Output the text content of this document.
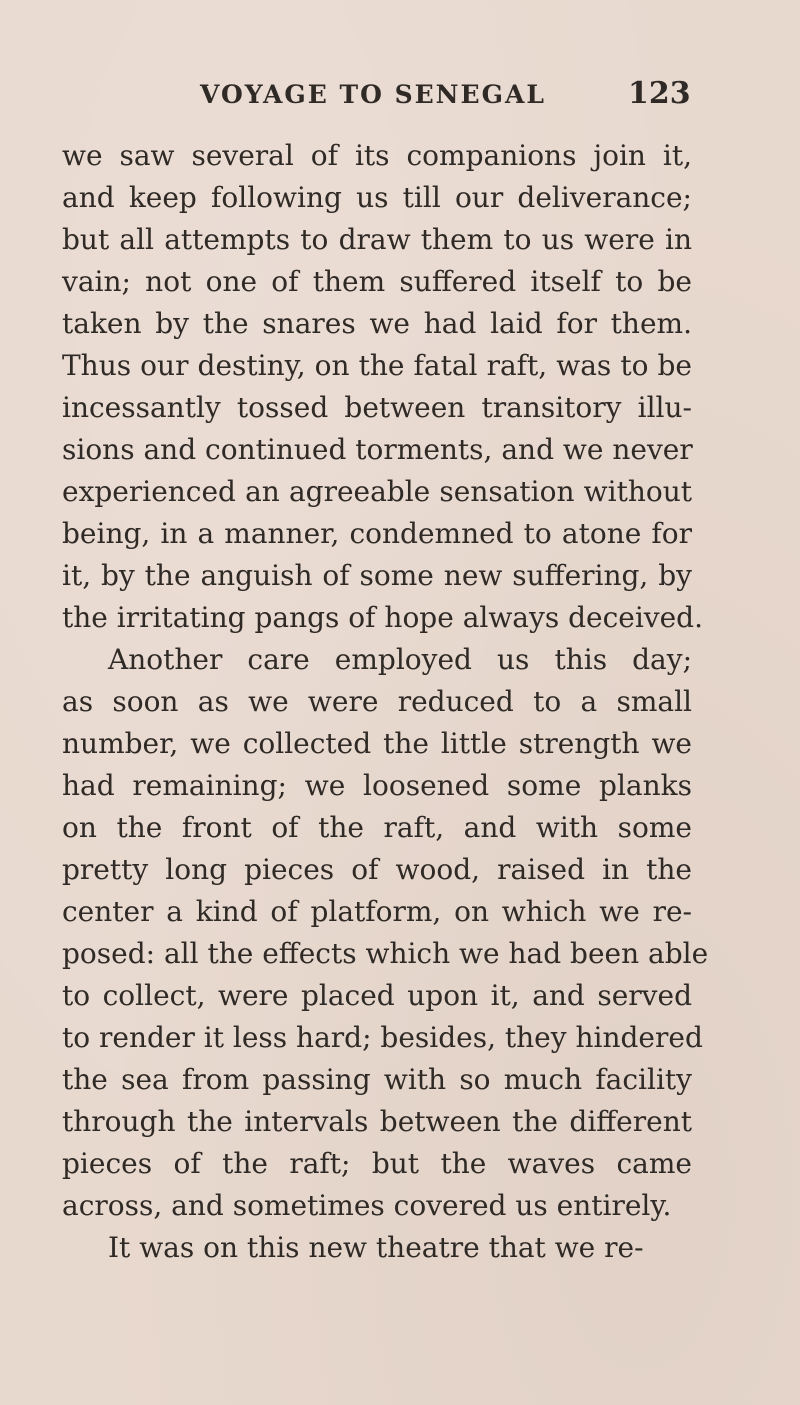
VOYAGE TO SENEGAL	123
we saw several of its companions join it,
and keep following us till our deliverance;
but all attempts to draw them to us were in
vain; not one of them suffered itself to be
taken by the snares we had laid for them.
Thus our destiny, on the fatal raft, was to be
incessantly tossed between transitory illu-
sions and continued torments, and we never
experienced an agreeable sensation without
being, in a manner, condemned to atone for
it, by the anguish of some new suffering, by
the irritating pangs of hope always deceived.
Another care employed us this day;
as soon as we were reduced to a small
number, we collected the little strength we
had remaining; we loosened some planks
on the front of the raft, and with some
pretty long pieces of wood, raised in the
center a kind of platform, on which we re-
posed: all the effects which we had been able
to collect, were placed upon it, and served
to render it less hard; besides, they hindered
the sea from passing with so much facility
through the intervals between the different
pieces of the raft; but the waves came
across, and sometimes covered us entirely.
It was on this new theatre that we re-
